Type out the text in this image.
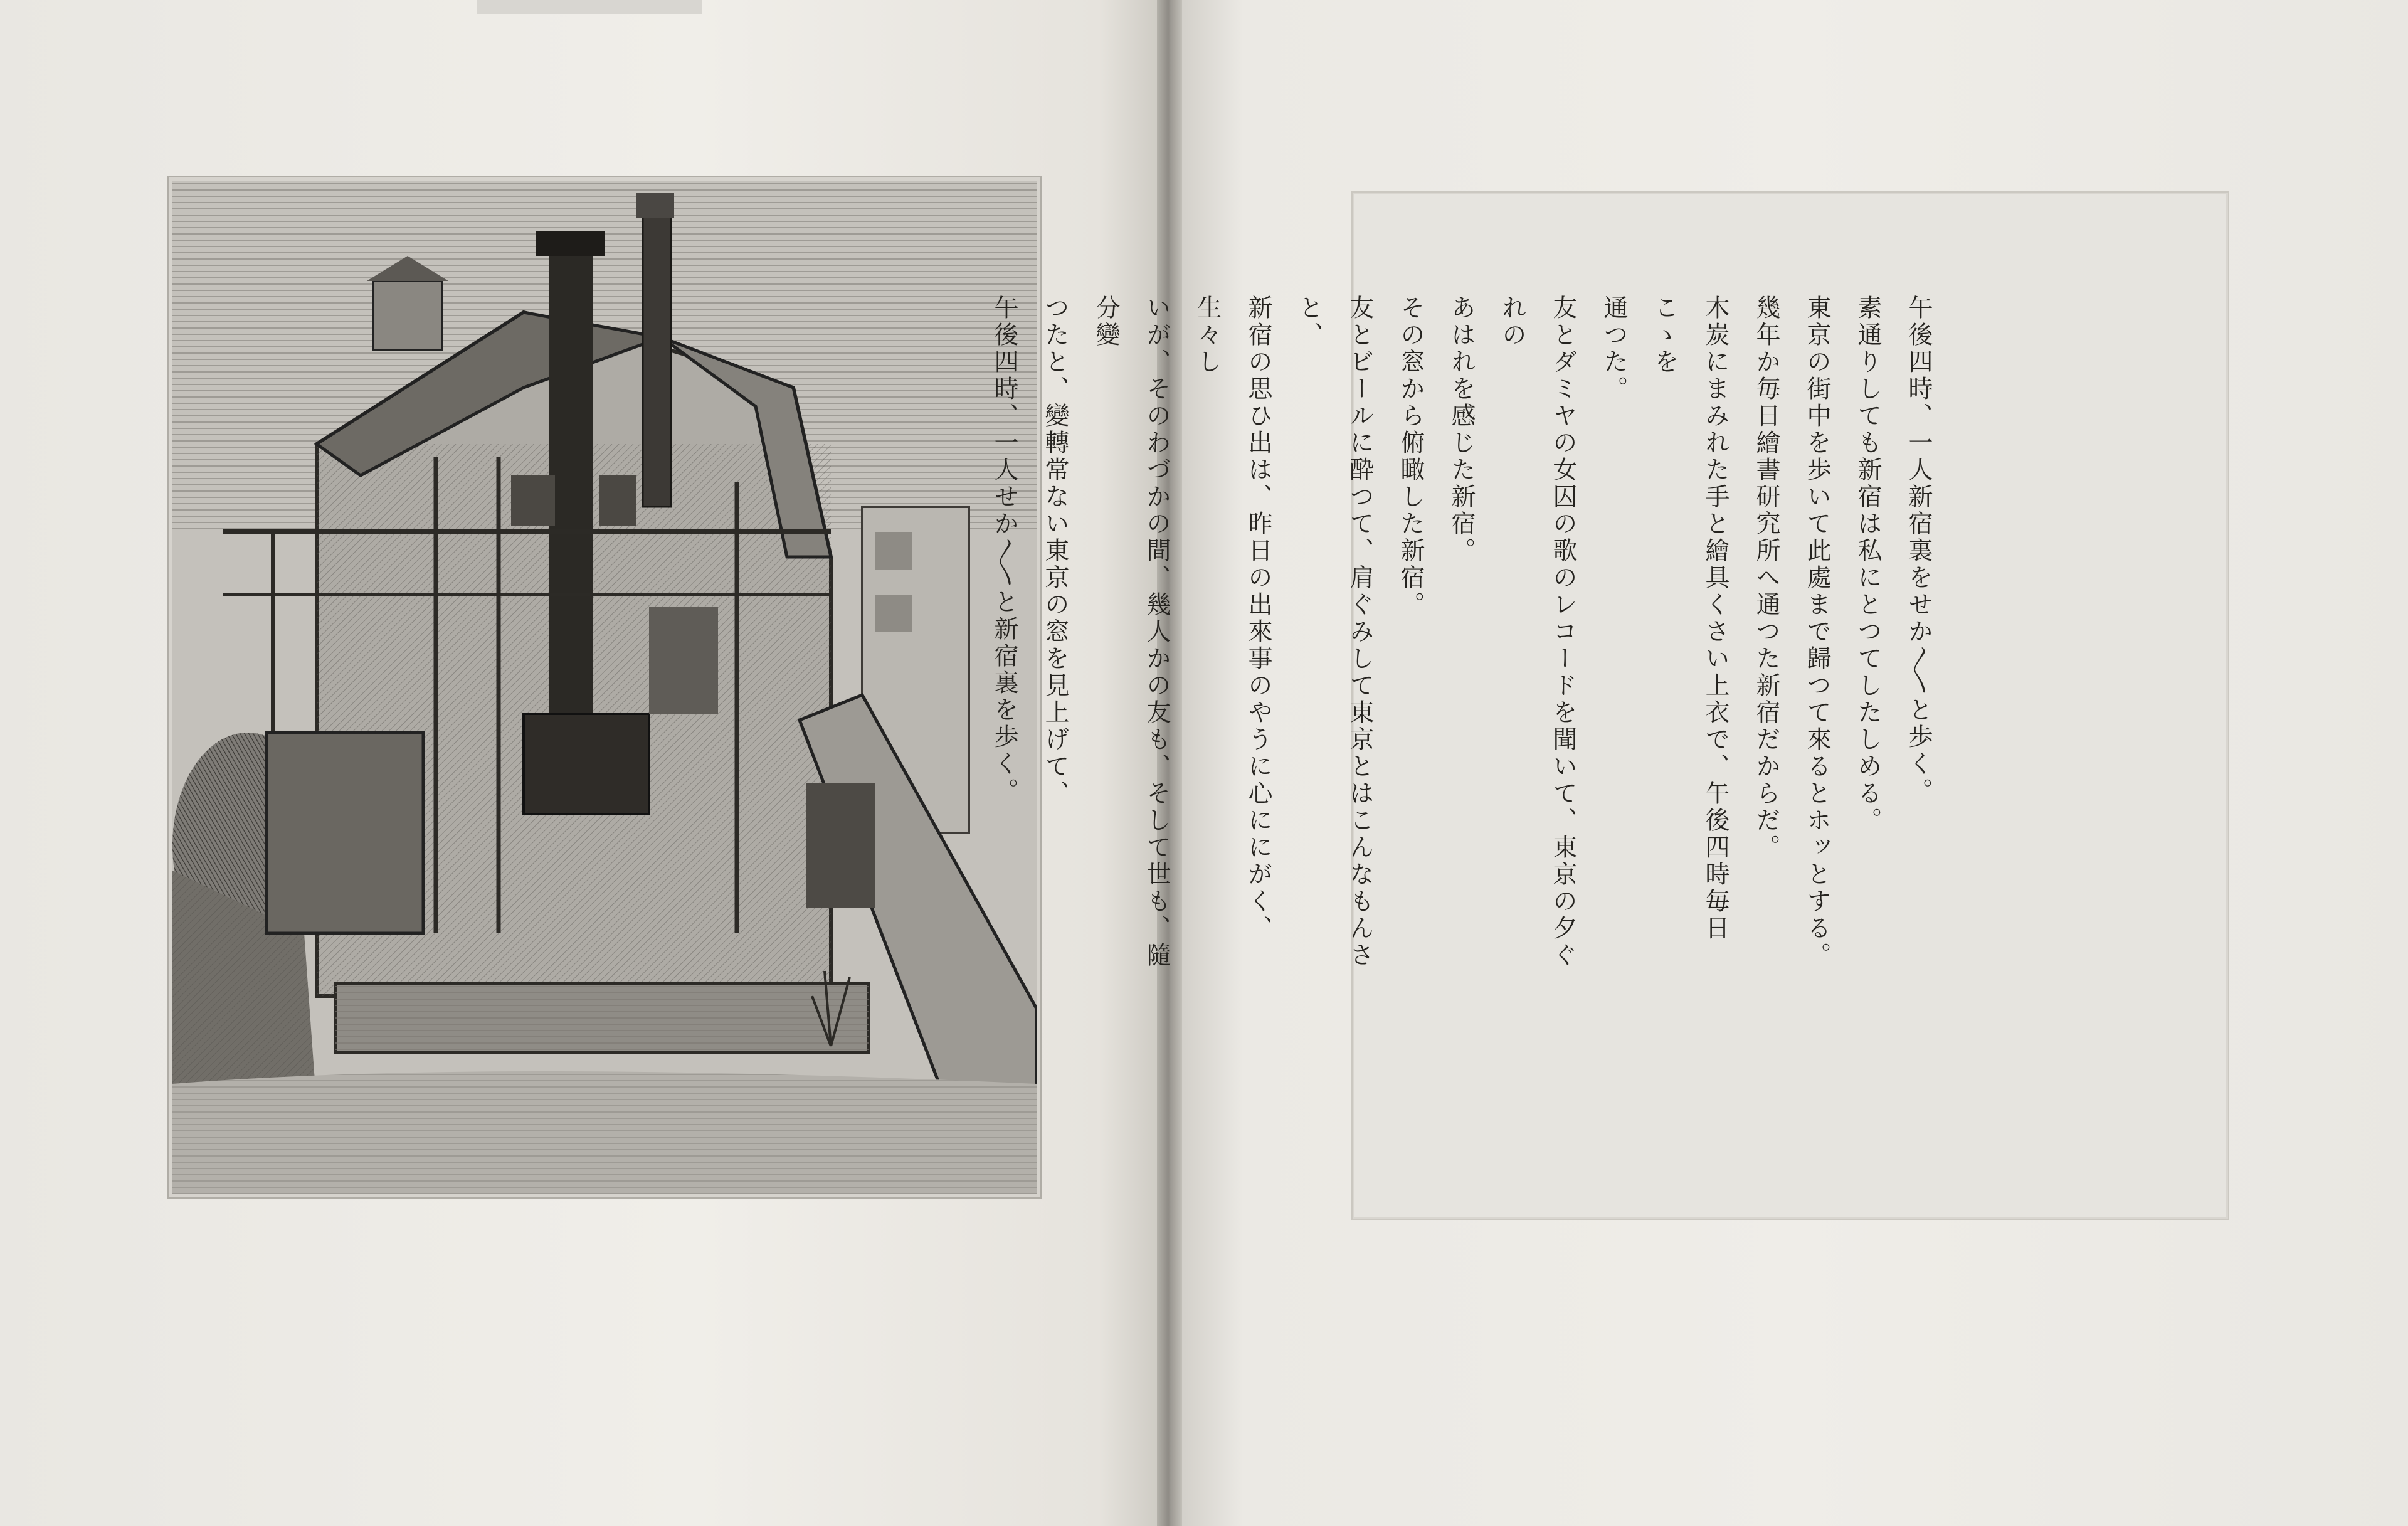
午後四時、一人新宿裏をせか〳〵と歩く。

素通りしても新宿は私にとつてしたしめる。

東京の街中を歩いて此處まで歸つて來るとホッとする。

幾年か毎日繪書研究所へ通つた新宿だからだ。

木炭にまみれた手と繪具くさい上衣で、午後四時毎日こゝを

通つた。

友とダミヤの女囚の歌のレコードを聞いて、東京の夕ぐれの

あはれを感じた新宿。

その窓から俯瞰した新宿。

友とビールに酔つて、肩ぐみして東京とはこんなもんさと、

新宿の思ひ出は、昨日の出來事のやうに心ににがく、生々し

いが、そのわづかの間、幾人かの友も、そして世も、隨分變

つたと、變轉常ない東京の窓を見上げて、

午後四時、一人せか〳〵と新宿裏を歩く。
